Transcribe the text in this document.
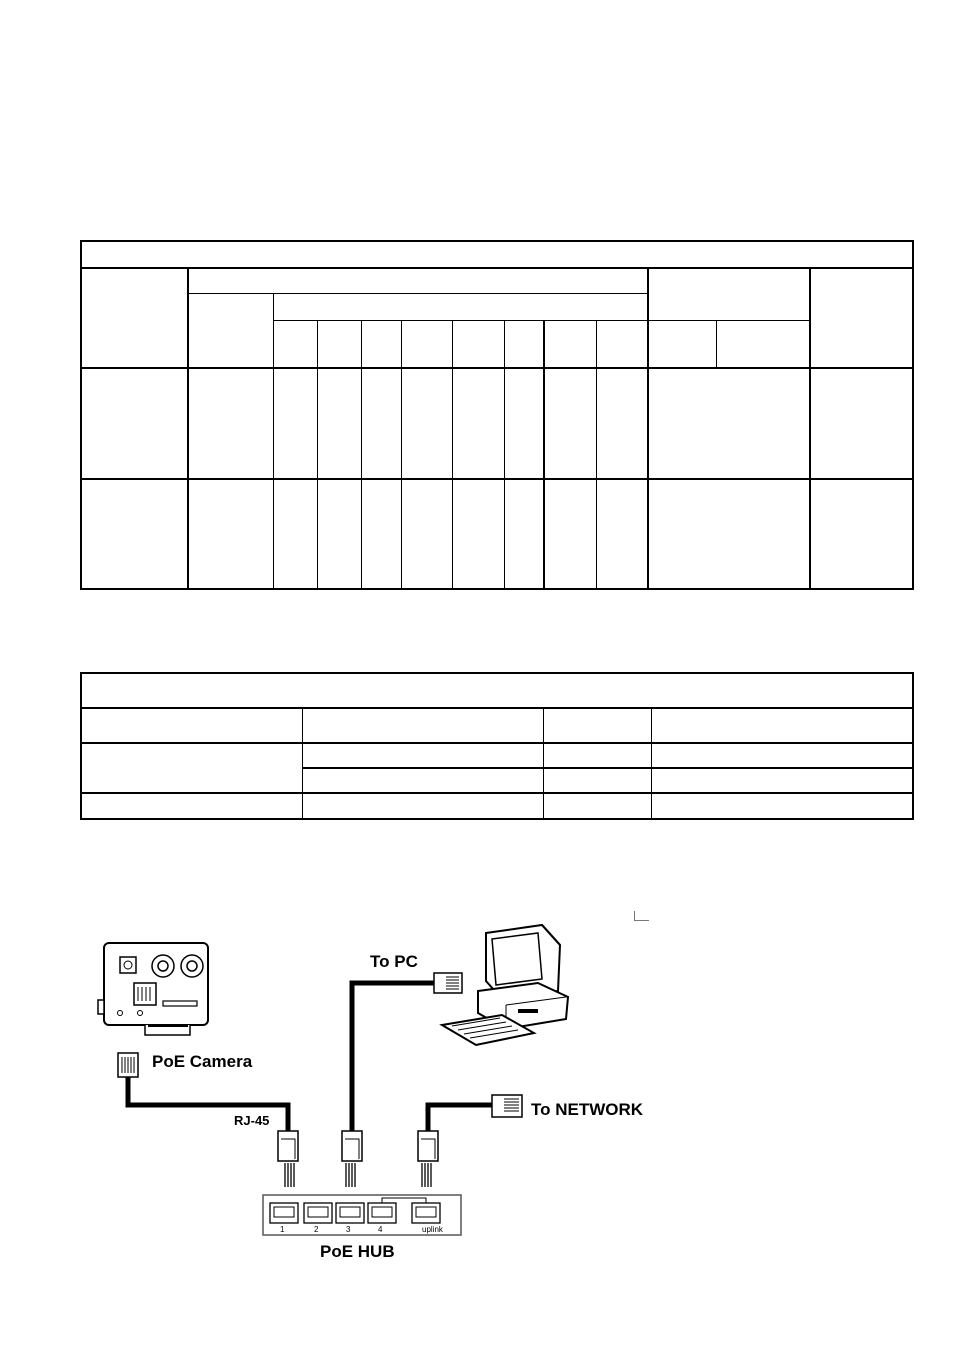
1	2	3	4	uplink
To PC
PoE Camera
RJ-45
To NETWORK
PoE HUB
